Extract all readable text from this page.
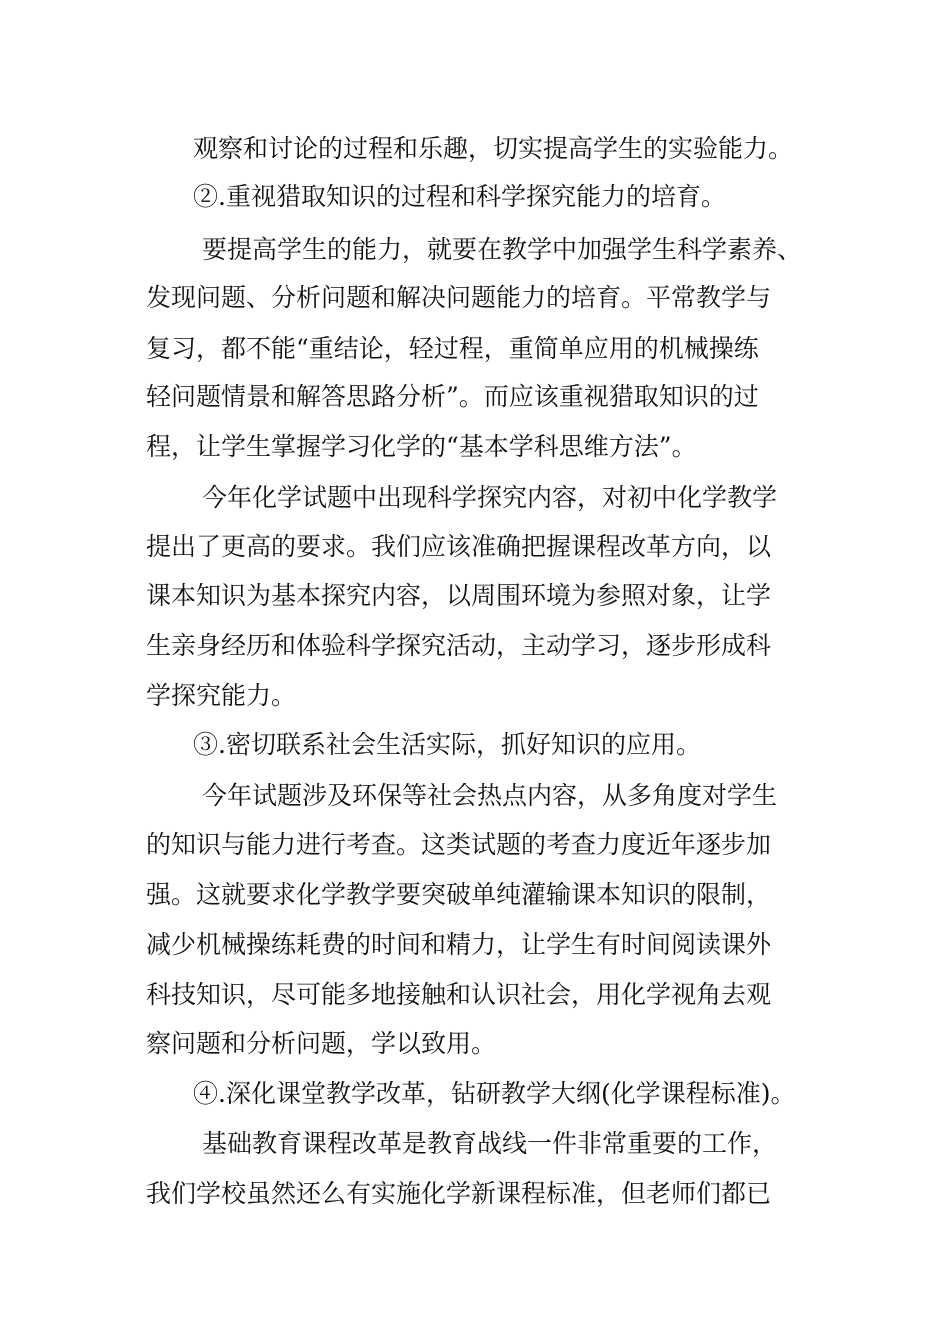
观察和讨论的过程和乐趣，切实提高学生的实验能力。
②.重视猎取知识的过程和科学探究能力的培育。
要提高学生的能力，就要在教学中加强学生科学素养、
发现问题、分析问题和解决问题能力的培育。平常教学与
复习，都不能“重结论，轻过程，重简单应用的机械操练
轻问题情景和解答思路分析”。而应该重视猎取知识的过
程，让学生掌握学习化学的“基本学科思维方法”。
今年化学试题中出现科学探究内容，对初中化学教学
提出了更高的要求。我们应该准确把握课程改革方向，以
课本知识为基本探究内容，以周围环境为参照对象，让学
生亲身经历和体验科学探究活动，主动学习，逐步形成科
学探究能力。
③.密切联系社会生活实际，抓好知识的应用。
今年试题涉及环保等社会热点内容，从多角度对学生
的知识与能力进行考查。这类试题的考查力度近年逐步加
强。这就要求化学教学要突破单纯灌输课本知识的限制，
减少机械操练耗费的时间和精力，让学生有时间阅读课外
科技知识，尽可能多地接触和认识社会，用化学视角去观
察问题和分析问题，学以致用。
④.深化课堂教学改革，钻研教学大纲(化学课程标准)。
基础教育课程改革是教育战线一件非常重要的工作，
我们学校虽然还么有实施化学新课程标准，但老师们都已
